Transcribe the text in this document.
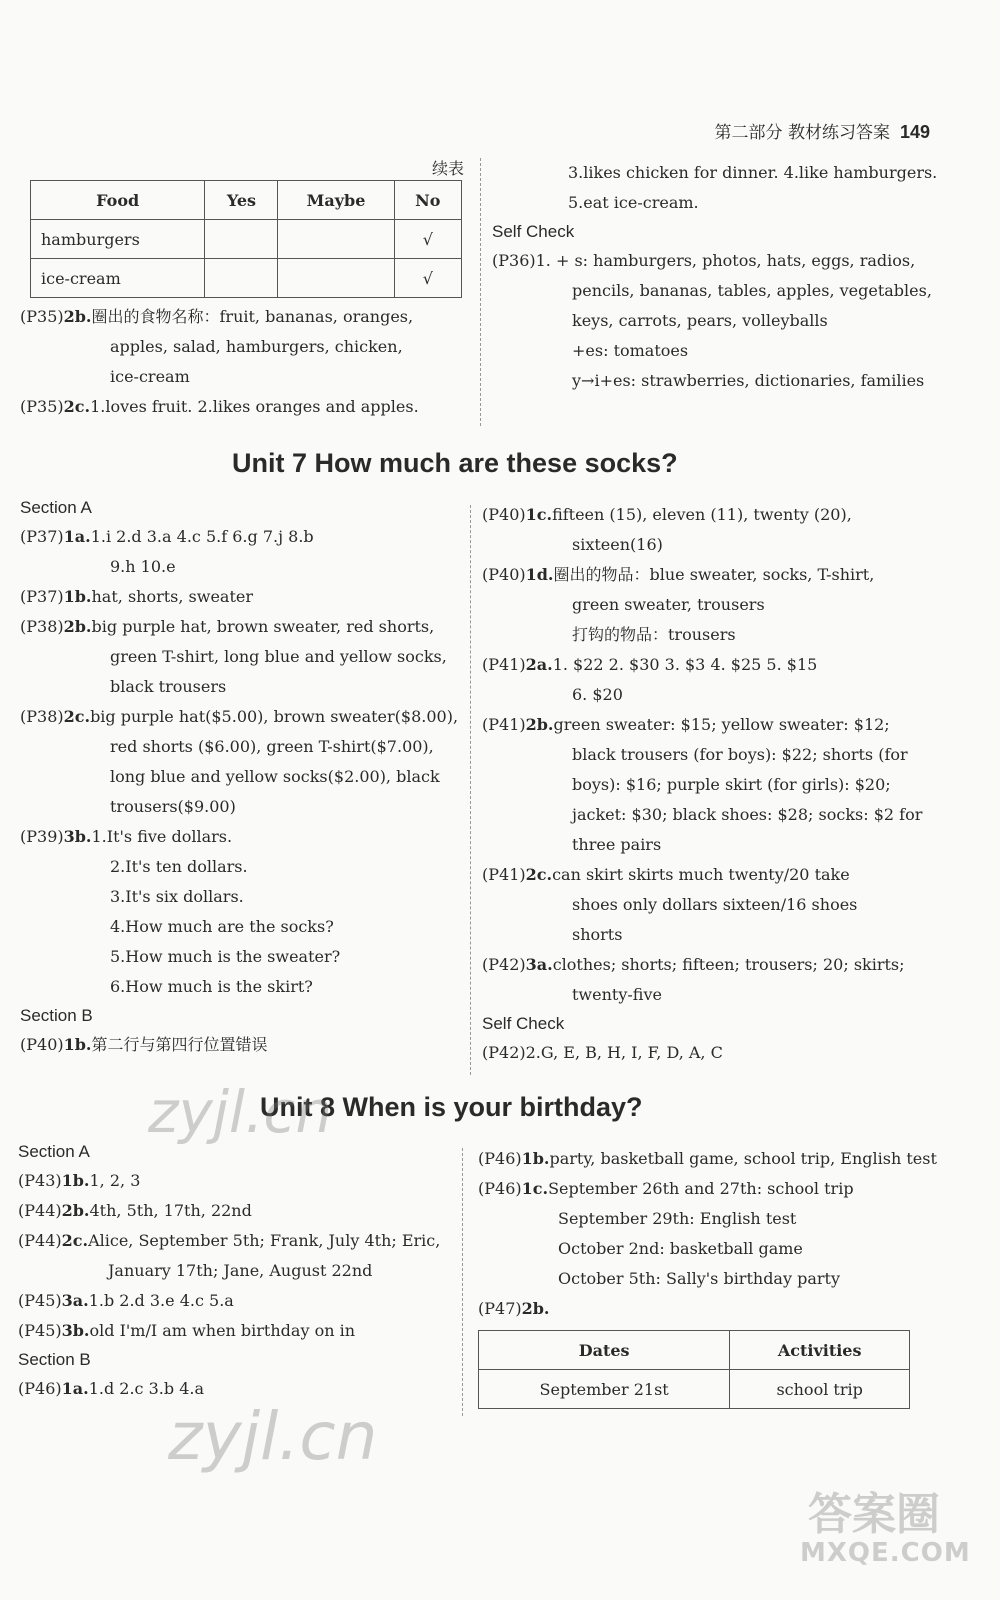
第二部分 教材练习答案 149
续表
Food	Yes	Maybe	No
hamburgers			√
ice-cream			√
(P35)2b.圈出的食物名称：fruit, bananas, oranges,
apples, salad, hamburgers, chicken,
ice-cream
(P35)2c.1.loves fruit. 2.likes oranges and apples.
3.likes chicken for dinner. 4.like hamburgers.
5.eat ice-cream.
Self Check
(P36)1. + s: hamburgers, photos, hats, eggs, radios,
pencils, bananas, tables, apples, vegetables,
keys, carrots, pears, volleyballs
+es: tomatoes
y→i+es: strawberries, dictionaries, families
Unit 7 How much are these socks?
Section A
(P37)1a.1.i 2.d 3.a 4.c 5.f 6.g 7.j 8.b
9.h 10.e
(P37)1b.hat, shorts, sweater
(P38)2b.big purple hat, brown sweater, red shorts,
green T-shirt, long blue and yellow socks,
black trousers
(P38)2c.big purple hat($5.00), brown sweater($8.00),
red shorts ($6.00), green T-shirt($7.00),
long blue and yellow socks($2.00), black
trousers($9.00)
(P39)3b.1.It's five dollars.
2.It's ten dollars.
3.It's six dollars.
4.How much are the socks?
5.How much is the sweater?
6.How much is the skirt?
Section B
(P40)1b.第二行与第四行位置错误
(P40)1c.fifteen (15), eleven (11), twenty (20),
sixteen(16)
(P40)1d.圈出的物品：blue sweater, socks, T-shirt,
green sweater, trousers
打钩的物品：trousers
(P41)2a.1. $22 2. $30 3. $3 4. $25 5. $15
6. $20
(P41)2b.green sweater: $15; yellow sweater: $12;
black trousers (for boys): $22; shorts (for
boys): $16; purple skirt (for girls): $20;
jacket: $30; black shoes: $28; socks: $2 for
three pairs
(P41)2c.can skirt skirts much twenty/20 take
shoes only dollars sixteen/16 shoes
shorts
(P42)3a.clothes; shorts; fifteen; trousers; 20; skirts;
twenty-five
Self Check
(P42)2.G, E, B, H, I, F, D, A, C
Unit 8 When is your birthday?
Section A
(P43)1b.1, 2, 3
(P44)2b.4th, 5th, 17th, 22nd
(P44)2c.Alice, September 5th; Frank, July 4th; Eric,
January 17th; Jane, August 22nd
(P45)3a.1.b 2.d 3.e 4.c 5.a
(P45)3b.old I'm/I am when birthday on in
Section B
(P46)1a.1.d 2.c 3.b 4.a
(P46)1b.party, basketball game, school trip, English test
(P46)1c.September 26th and 27th: school trip
September 29th: English test
October 2nd: basketball game
October 5th: Sally's birthday party
(P47)2b.
Dates	Activities
September 21st	school trip
zyjl.cn
zyjl.cn
答案圈
MXQE.COM
